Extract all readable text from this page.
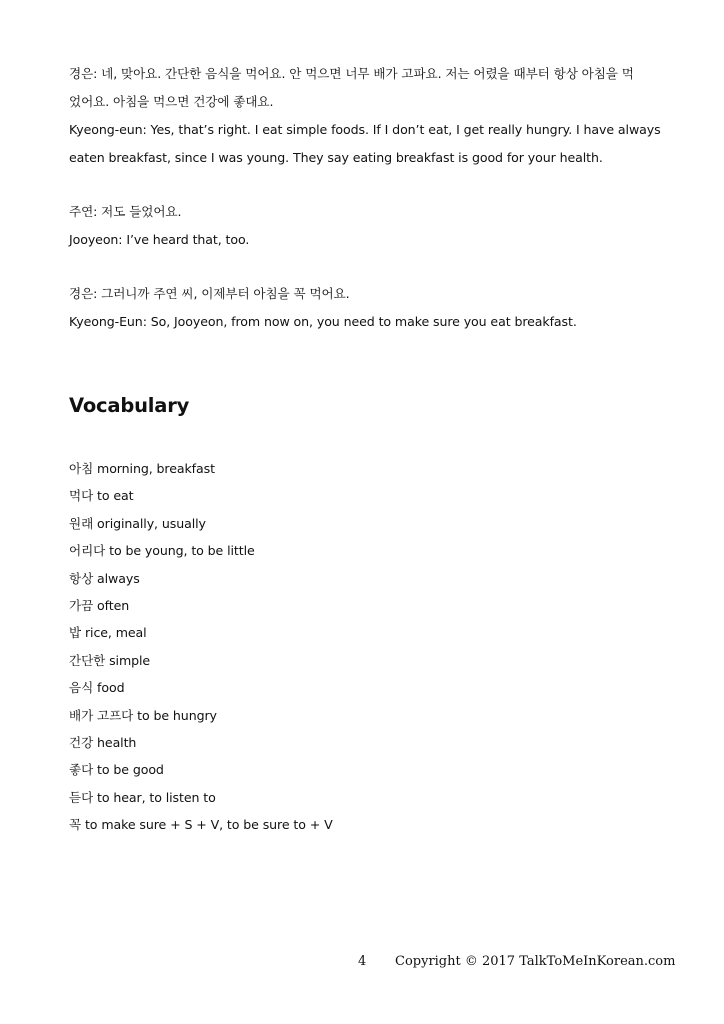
경은: 네, 맞아요. 간단한 음식을 먹어요. 안 먹으면 너무 배가 고파요. 저는 어렸을 때부터 항상 아침을 먹
었어요. 아침을 먹으면 건강에 좋대요.
Kyeong-eun: Yes, that’s right. I eat simple foods. If I don’t eat, I get really hungry. I have always
eaten breakfast, since I was young. They say eating breakfast is good for your health.
주연: 저도 들었어요.
Jooyeon: I’ve heard that, too.
경은: 그러니까 주연 씨, 이제부터 아침을 꼭 먹어요.
Kyeong-Eun: So, Jooyeon, from now on, you need to make sure you eat breakfast.
Vocabulary
아침 morning, breakfast
먹다 to eat
원래 originally, usually
어리다 to be young, to be little
항상 always
가끔 often
밥 rice, meal
간단한 simple
음식 food
배가 고프다 to be hungry
건강 health
좋다 to be good
듣다 to hear, to listen to
꼭 to make sure + S + V, to be sure to + V
4 Copyright © 2017 TalkToMeInKorean.com
